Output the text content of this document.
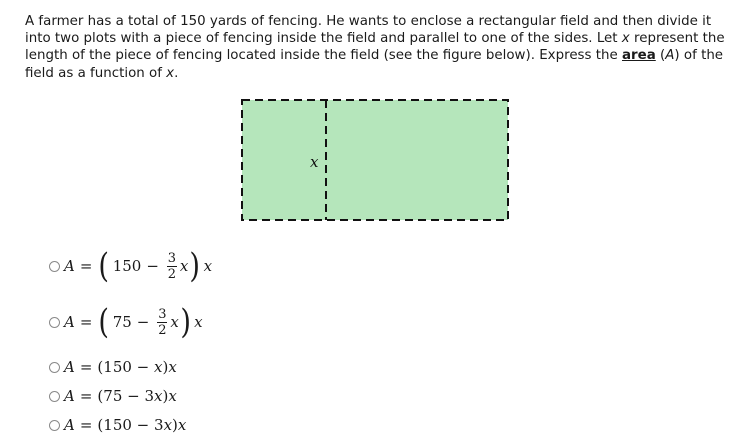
A farmer has a total of 150 yards of fencing. He wants to enclose a rectangular field and then divide it into two plots with a piece of fencing inside the field and parallel to one of the sides. Let x represent the length of the piece of fencing located inside the field (see the figure below). Express the area (A) of the field as a function of x.
x
A = ( $150 - \frac{3}{2}$ x ) x
A = ( $75 - \frac{3}{2}$ x ) x
A = (150 − x ) x
A = (75 − 3 x ) x
A = (150 − 3 x ) x
